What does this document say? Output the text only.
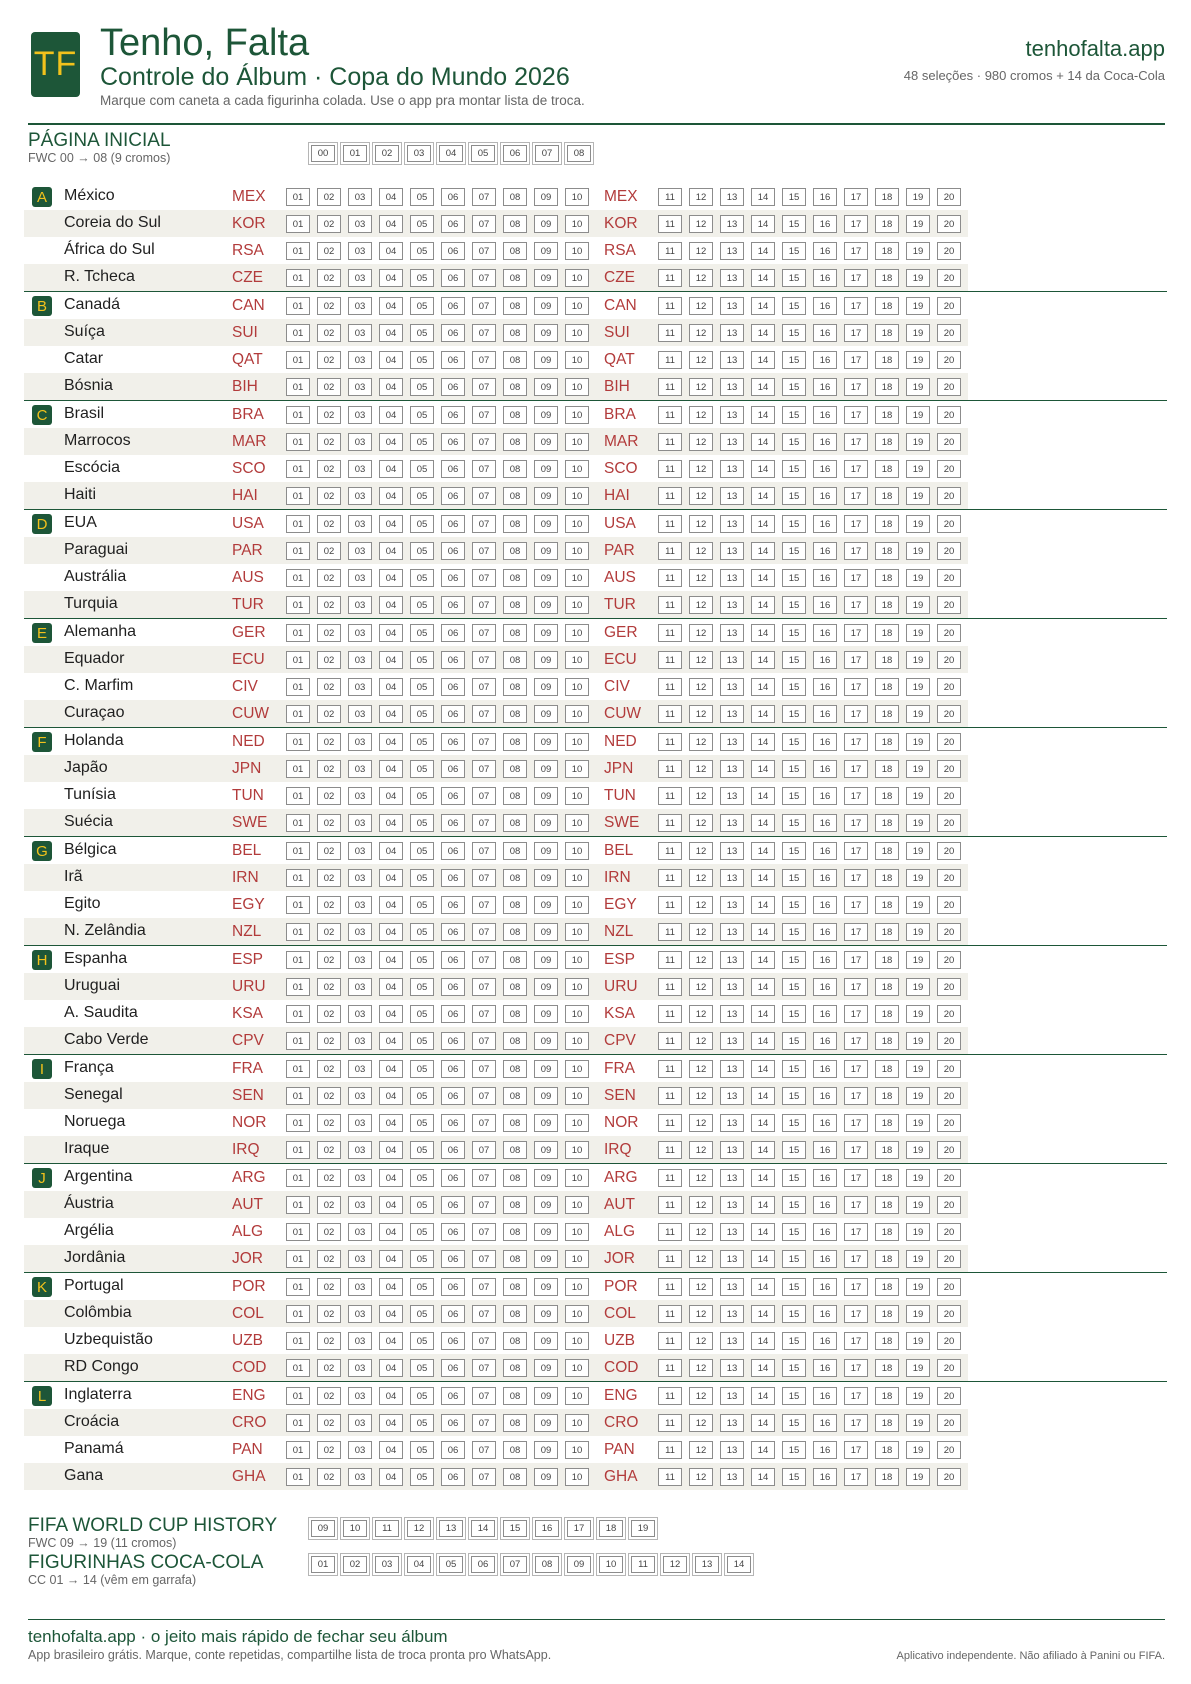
TF Tenho, Falta
Controle do Álbum · Copa do Mundo 2026
Marque com caneta a cada figurinha colada. Use o app pra montar lista de troca.
tenhofalta.app
48 seleções · 980 cromos + 14 da Coca-Cola
PÁGINA INICIAL
FWC 00 → 08 (9 cromos)	00	01	02	03	04	05	06	07	08
A	México	MEX	01	02	03	04	05	06	07	08	09	10	MEX	11	12	13	14	15	16	17	18	19	20
Coreia do Sul	KOR	01	02	03	04	05	06	07	08	09	10	KOR	11	12	13	14	15	16	17	18	19	20
África do Sul	RSA	01	02	03	04	05	06	07	08	09	10	RSA	11	12	13	14	15	16	17	18	19	20
R. Tcheca	CZE	01	02	03	04	05	06	07	08	09	10	CZE	11	12	13	14	15	16	17	18	19	20
B	Canadá	CAN	01	02	03	04	05	06	07	08	09	10	CAN	11	12	13	14	15	16	17	18	19	20
Suíça	SUI	01	02	03	04	05	06	07	08	09	10	SUI	11	12	13	14	15	16	17	18	19	20
Catar	QAT	01	02	03	04	05	06	07	08	09	10	QAT	11	12	13	14	15	16	17	18	19	20
Bósnia	BIH	01	02	03	04	05	06	07	08	09	10	BIH	11	12	13	14	15	16	17	18	19	20
C Brasil	BRA	01	02	03	04	05	06	07	08	09	10	BRA	11	12	13	14	15	16	17	18	19	20
Marrocos	MAR	01	02	03	04	05	06	07	08	09	10	MAR	11	12	13	14	15	16	17	18	19	20
Escócia	SCO	01	02	03	04	05	06	07	08	09	10	SCO	11	12	13	14	15	16	17	18	19	20
Haiti	HAI	01	02	03	04	05	06	07	08	09	10	HAI	11	12	13	14	15	16	17	18	19	20
D EUA	USA	01	02	03	04	05	06	07	08	09	10	USA	11	12	13	14	15	16	17	18	19	20
Paraguai	PAR	01	02	03	04	05	06	07	08	09	10	PAR	11	12	13	14	15	16	17	18	19	20
Austrália	AUS	01	02	03	04	05	06	07	08	09	10	AUS	11	12	13	14	15	16	17	18	19	20
Turquia	TUR	01	02	03	04	05	06	07	08	09	10	TUR	11	12	13	14	15	16	17	18	19	20
E	Alemanha	GER	01	02	03	04	05	06	07	08	09	10	GER	11	12	13	14	15	16	17	18	19	20
Equador	ECU	01	02	03	04	05	06	07	08	09	10	ECU	11	12	13	14	15	16	17	18	19	20
C. Marfim	CIV	01	02	03	04	05	06	07	08	09	10	CIV	11	12	13	14	15	16	17	18	19	20
Curaçao	CUW	01	02	03	04	05	06	07	08	09	10	CUW	11	12	13	14	15	16	17	18	19	20
F	Holanda	NED	01	02	03	04	05	06	07	08	09	10	NED	11	12	13	14	15	16	17	18	19	20
Japão	JPN	01	02	03	04	05	06	07	08	09	10	JPN	11	12	13	14	15	16	17	18	19	20
Tunísia	TUN	01	02	03	04	05	06	07	08	09	10	TUN	11	12	13	14	15	16	17	18	19	20
Suécia	SWE	01	02	03	04	05	06	07	08	09	10	SWE	11	12	13	14	15	16	17	18	19	20
G Bélgica	BEL	01	02	03	04	05	06	07	08	09	10	BEL	11	12	13	14	15	16	17	18	19	20
Irã	IRN	01	02	03	04	05	06	07	08	09	10	IRN	11	12	13	14	15	16	17	18	19	20
Egito	EGY	01	02	03	04	05	06	07	08	09	10	EGY	11	12	13	14	15	16	17	18	19	20
N. Zelândia	NZL	01	02	03	04	05	06	07	08	09	10	NZL	11	12	13	14	15	16	17	18	19	20
H Espanha	ESP	01	02	03	04	05	06	07	08	09	10	ESP	11	12	13	14	15	16	17	18	19	20
Uruguai	URU	01	02	03	04	05	06	07	08	09	10	URU	11	12	13	14	15	16	17	18	19	20
A. Saudita	KSA	01	02	03	04	05	06	07	08	09	10	KSA	11	12	13	14	15	16	17	18	19	20
Cabo Verde	CPV	01	02	03	04	05	06	07	08	09	10	CPV	11	12	13	14	15	16	17	18	19	20
I	França	FRA	01	02	03	04	05	06	07	08	09	10	FRA	11	12	13	14	15	16	17	18	19	20
Senegal	SEN	01	02	03	04	05	06	07	08	09	10	SEN	11	12	13	14	15	16	17	18	19	20
Noruega	NOR	01	02	03	04	05	06	07	08	09	10	NOR	11	12	13	14	15	16	17	18	19	20
Iraque	IRQ	01	02	03	04	05	06	07	08	09	10	IRQ	11	12	13	14	15	16	17	18	19	20
J	Argentina	ARG	01	02	03	04	05	06	07	08	09	10	ARG	11	12	13	14	15	16	17	18	19	20
Áustria	AUT	01	02	03	04	05	06	07	08	09	10	AUT	11	12	13	14	15	16	17	18	19	20
Argélia	ALG	01	02	03	04	05	06	07	08	09	10	ALG	11	12	13	14	15	16	17	18	19	20
Jordânia	JOR	01	02	03	04	05	06	07	08	09	10	JOR	11	12	13	14	15	16	17	18	19	20
K	Portugal	POR	01	02	03	04	05	06	07	08	09	10	POR	11	12	13	14	15	16	17	18	19	20
Colômbia	COL	01	02	03	04	05	06	07	08	09	10	COL	11	12	13	14	15	16	17	18	19	20
Uzbequistão	UZB	01	02	03	04	05	06	07	08	09	10	UZB	11	12	13	14	15	16	17	18	19	20
RD Congo	COD	01	02	03	04	05	06	07	08	09	10	COD	11	12	13	14	15	16	17	18	19	20
L	Inglaterra	ENG	01	02	03	04	05	06	07	08	09	10	ENG	11	12	13	14	15	16	17	18	19	20
Croácia	CRO	01	02	03	04	05	06	07	08	09	10	CRO	11	12	13	14	15	16	17	18	19	20
Panamá	PAN	01	02	03	04	05	06	07	08	09	10	PAN	11	12	13	14	15	16	17	18	19	20
Gana	GHA	01	02	03	04	05	06	07	08	09	10	GHA	11	12	13	14	15	16	17	18	19	20
FIFA WORLD CUP HISTORY
FWC 09 → 19 (11 cromos)
09	10	11	12	13	14	15	16	17	18	19
FIGURINHAS COCA-COLA
CC 01 → 14 (vêm em garrafa)
01	02	03	04	05	06	07	08	09	10	11	12	13	14
tenhofalta.app · o jeito mais rápido de fechar seu álbum
App brasileiro grátis. Marque, conte repetidas, compartilhe lista de troca pronta pro WhatsApp.	Aplicativo independente. Não afiliado à Panini ou FIFA.
